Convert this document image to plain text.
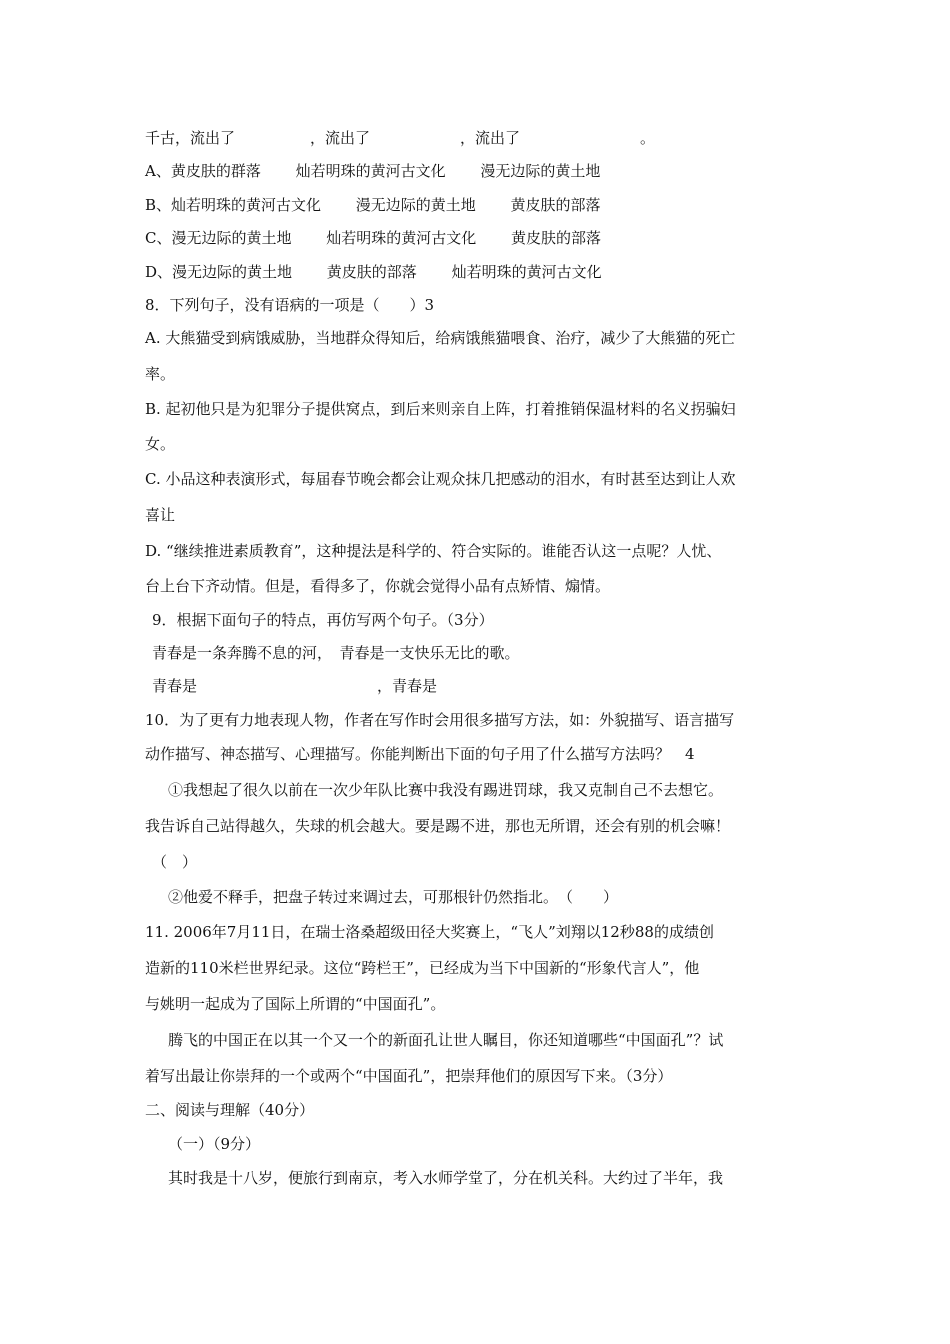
千古，流出了　　　　　，流出了　　　　　　，流出了　　　　　　　　。
A、黄皮肤的群落　　 灿若明珠的黄河古文化　　 漫无边际的黄土地
B、灿若明珠的黄河古文化　　 漫无边际的黄土地　　 黄皮肤的部落
C、漫无边际的黄土地　　 灿若明珠的黄河古文化　　 黄皮肤的部落
D、漫无边际的黄土地　　 黄皮肤的部落　　 灿若明珠的黄河古文化
8．下列句子，没有语病的一项是（　　）3
A. 大熊猫受到病饿威胁，当地群众得知后，给病饿熊猫喂食、治疗，减少了大熊猫的死亡
率。
B. 起初他只是为犯罪分子提供窝点，到后来则亲自上阵，打着推销保温材料的名义拐骗妇
女。
C. 小品这种表演形式，每届春节晚会都会让观众抹几把感动的泪水，有时甚至达到让人欢
喜让
D. “继续推进素质教育”，这种提法是科学的、符合实际的。谁能否认这一点呢？人忧、
台上台下齐动情。但是，看得多了，你就会觉得小品有点矫情、煽情。
9．根据下面句子的特点，再仿写两个句子。（3分）
青春是一条奔腾不息的河，　青春是一支快乐无比的歌。
青春是　　　　　　　　　　　　，青春是
10．为了更有力地表现人物，作者在写作时会用很多描写方法，如：外貌描写、语言描写
动作描写、神态描写、心理描写。你能判断出下面的句子用了什么描写方法吗？　4
①我想起了很久以前在一次少年队比赛中我没有踢进罚球，我又克制自己不去想它。
我告诉自己站得越久，失球的机会越大。要是踢不进，那也无所谓，还会有别的机会嘛！
（　）
②他爱不释手，把盘子转过来调过去，可那根针仍然指北。　（　　）
11. 2006年7月11日，在瑞士洛桑超级田径大奖赛上，“飞人”刘翔以12秒88的成绩创
造新的110米栏世界纪录。这位“跨栏王”，已经成为当下中国新的“形象代言人”，他
与姚明一起成为了国际上所谓的“中国面孔”。
腾飞的中国正在以其一个又一个的新面孔让世人瞩目，你还知道哪些“中国面孔”？试
着写出最让你崇拜的一个或两个“中国面孔”，把崇拜他们的原因写下来。（3分）
二、阅读与理解（40分）
（一）（9分）
其时我是十八岁，便旅行到南京，考入水师学堂了，分在机关科。大约过了半年，我
